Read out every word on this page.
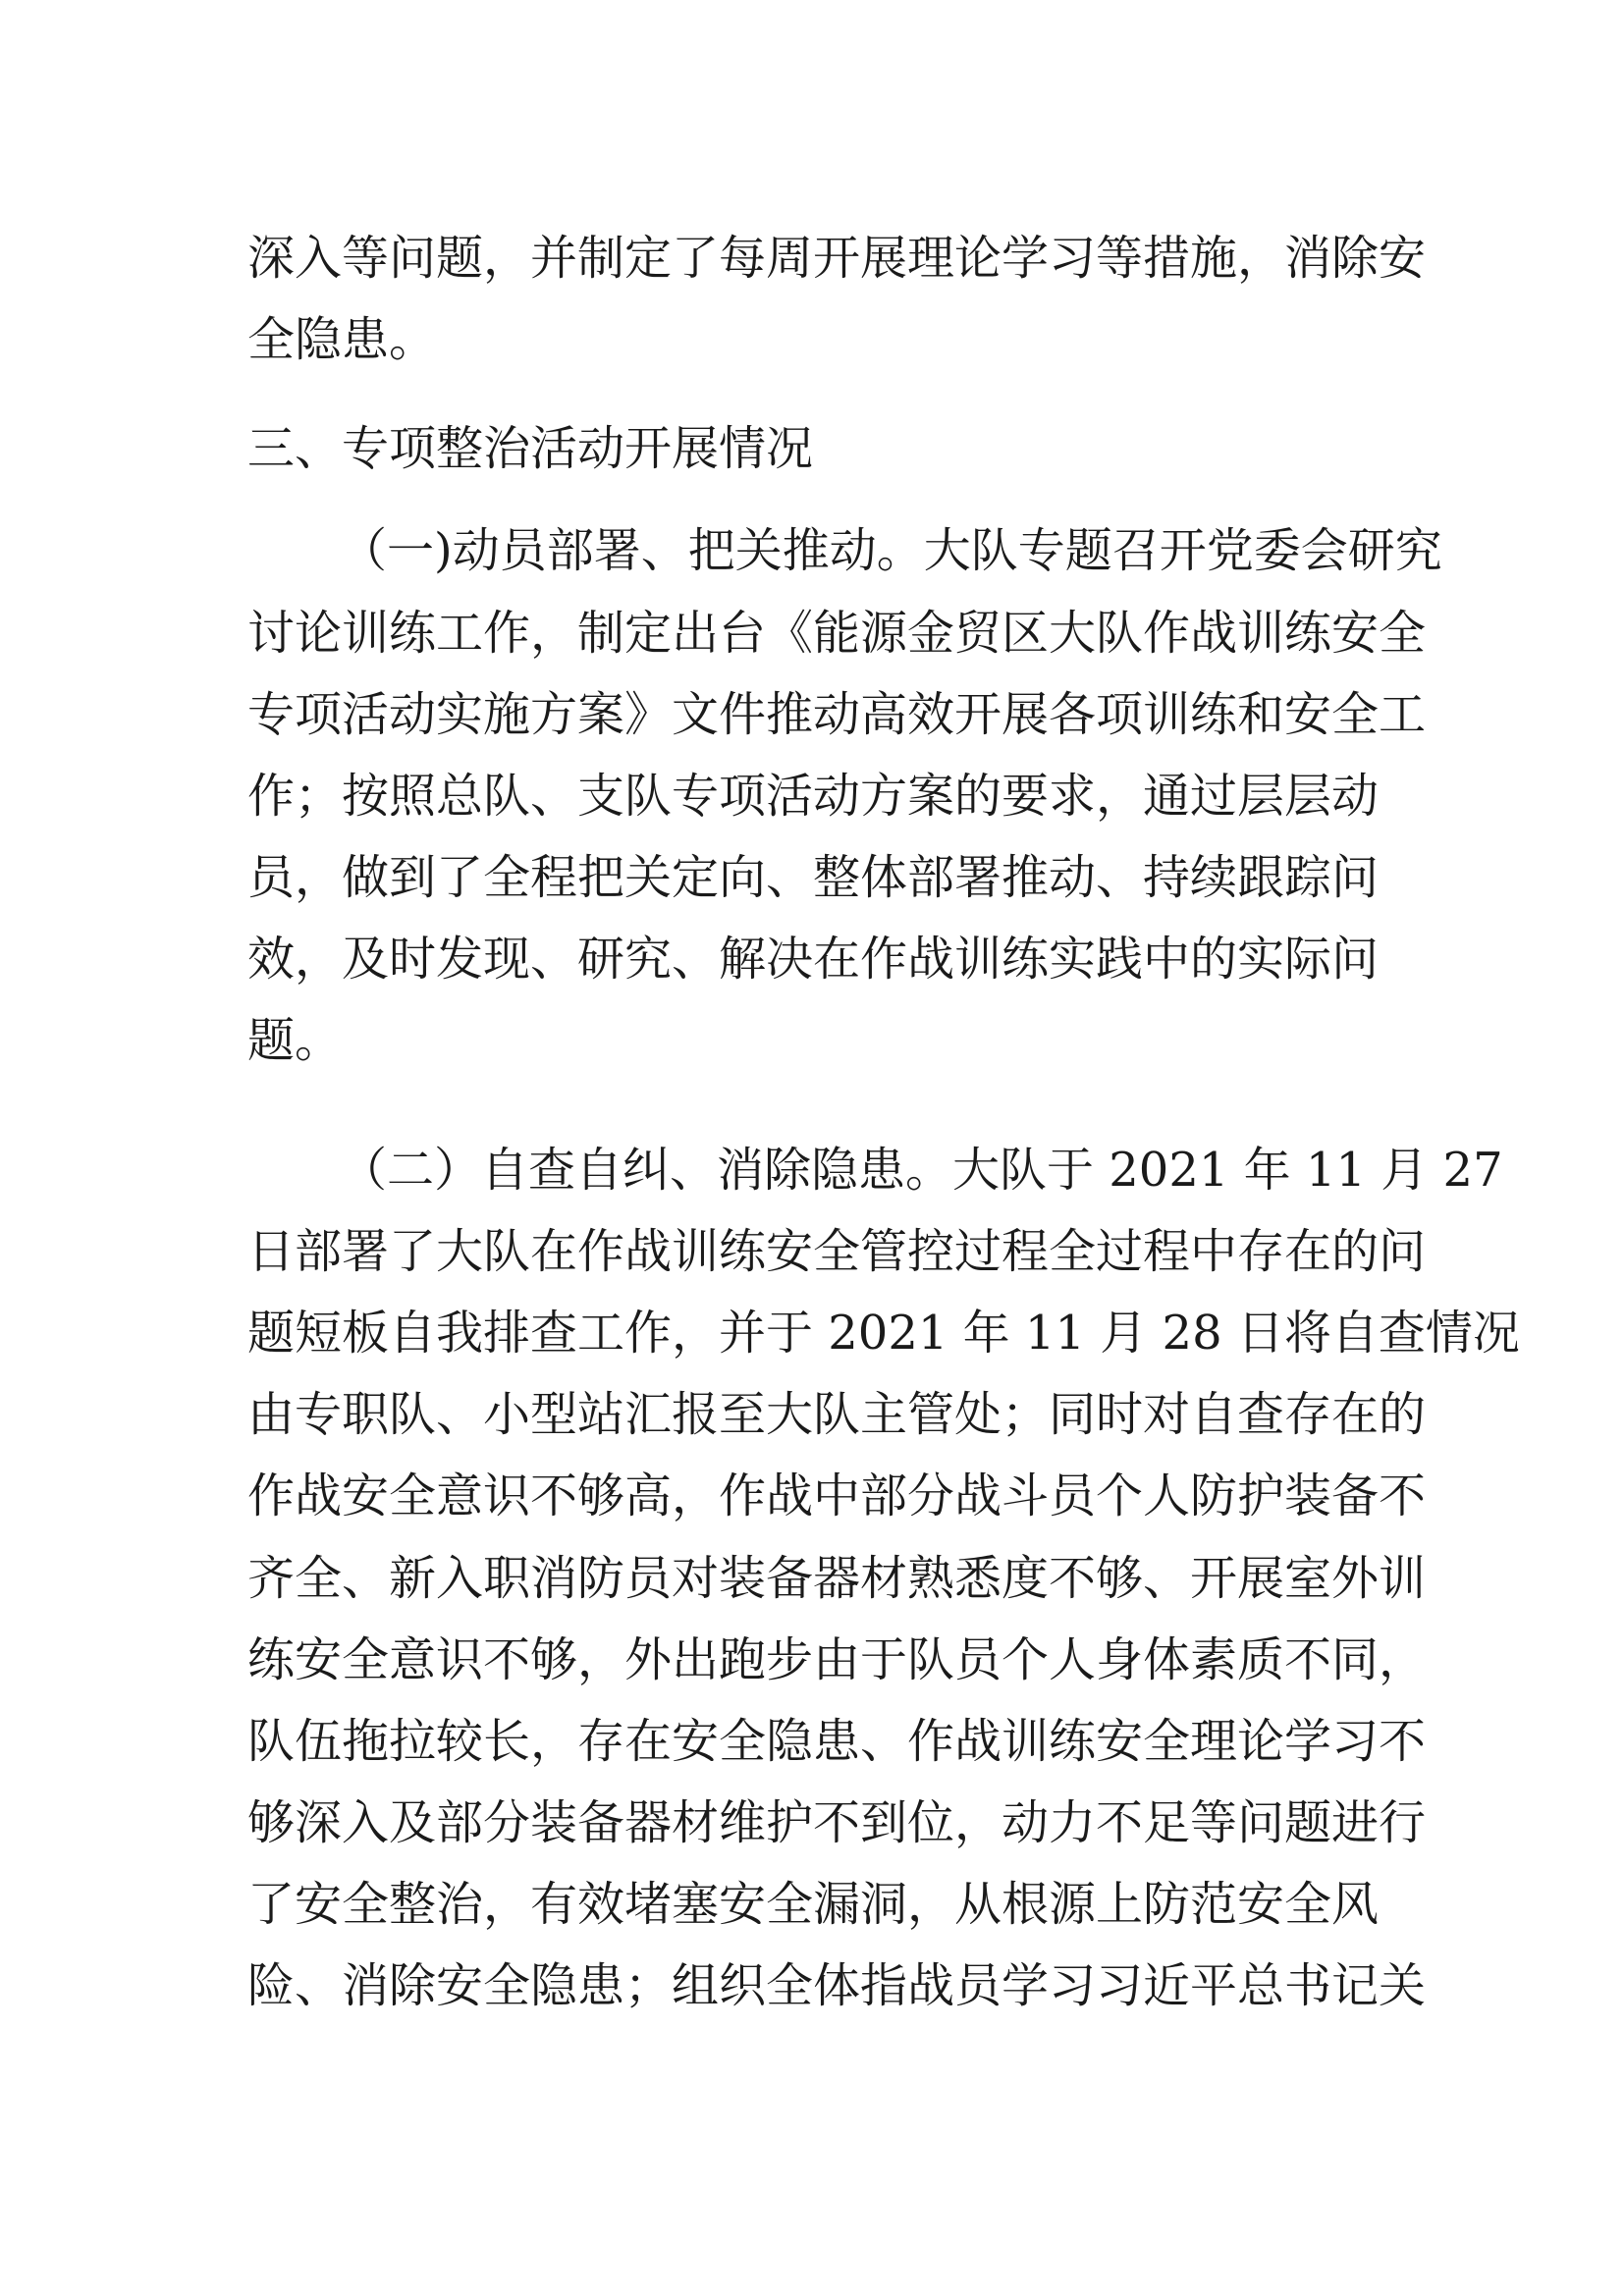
深入等问题，并制定了每周开展理论学习等措施，消除安

全隐患。

三、专项整治活动开展情况

（一)动员部署、把关推动。大队专题召开党委会研究

讨论训练工作，制定出台《能源金贸区大队作战训练安全

专项活动实施方案》文件推动高效开展各项训练和安全工

作；按照总队、支队专项活动方案的要求，通过层层动

员，做到了全程把关定向、整体部署推动、持续跟踪问

效，及时发现、研究、解决在作战训练实践中的实际问

题。

（二）自查自纠、消除隐患。大队于 2021 年 11 月 27

日部署了大队在作战训练安全管控过程全过程中存在的问

题短板自我排查工作，并于 2021 年 11 月 28 日将自查情况

由专职队、小型站汇报至大队主管处；同时对自查存在的

作战安全意识不够高，作战中部分战斗员个人防护装备不

齐全、新入职消防员对装备器材熟悉度不够、开展室外训

练安全意识不够，外出跑步由于队员个人身体素质不同，

队伍拖拉较长，存在安全隐患、作战训练安全理论学习不

够深入及部分装备器材维护不到位，动力不足等问题进行

了安全整治，有效堵塞安全漏洞，从根源上防范安全风

险、消除安全隐患；组织全体指战员学习习近平总书记关
